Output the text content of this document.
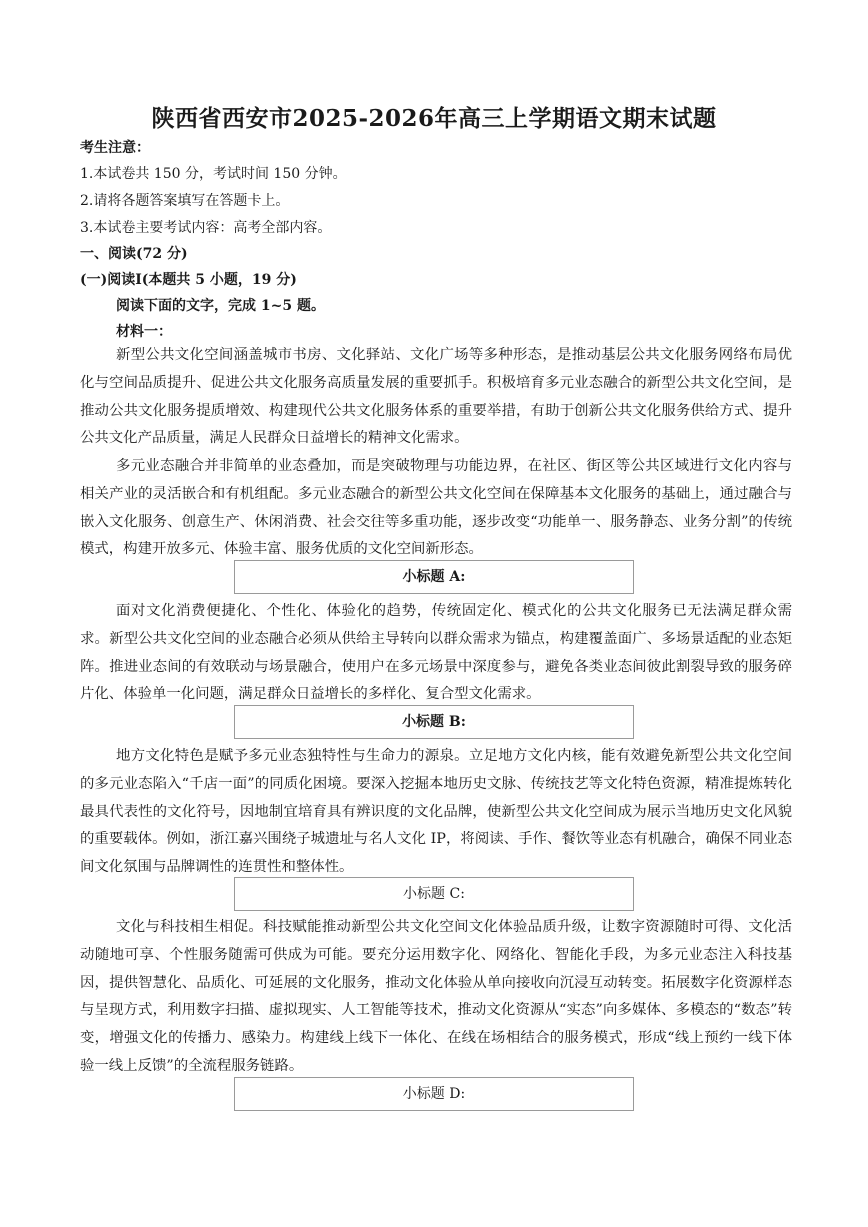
陕西省西安市2025-2026年高三上学期语文期末试题
考生注意：
1.本试卷共 150 分，考试时间 150 分钟。
2.请将各题答案填写在答题卡上。
3.本试卷主要考试内容：高考全部内容。
一、阅读(72 分)
(一)阅读Ⅰ(本题共 5 小题，19 分)
阅读下面的文字，完成 1~5 题。
材料一：
新型公共文化空间涵盖城市书房、文化驿站、文化广场等多种形态，是推动基层公共文化服务网络布局优化与空间品质提升、促进公共文化服务高质量发展的重要抓手。积极培育多元业态融合的新型公共文化空间，是推动公共文化服务提质增效、构建现代公共文化服务体系的重要举措，有助于创新公共文化服务供给方式、提升公共文化产品质量，满足人民群众日益增长的精神文化需求。
多元业态融合并非简单的业态叠加，而是突破物理与功能边界，在社区、街区等公共区域进行文化内容与相关产业的灵活嵌合和有机组配。多元业态融合的新型公共文化空间在保障基本文化服务的基础上，通过融合与嵌入文化服务、创意生产、休闲消费、社会交往等多重功能，逐步改变“功能单一、服务静态、业务分割”的传统模式，构建开放多元、体验丰富、服务优质的文化空间新形态。
小标题 A:
面对文化消费便捷化、个性化、体验化的趋势，传统固定化、模式化的公共文化服务已无法满足群众需求。新型公共文化空间的业态融合必须从供给主导转向以群众需求为锚点，构建覆盖面广、多场景适配的业态矩阵。推进业态间的有效联动与场景融合，使用户在多元场景中深度参与，避免各类业态间彼此割裂导致的服务碎片化、体验单一化问题，满足群众日益增长的多样化、复合型文化需求。
小标题 B:
地方文化特色是赋予多元业态独特性与生命力的源泉。立足地方文化内核，能有效避免新型公共文化空间的多元业态陷入“千店一面”的同质化困境。要深入挖掘本地历史文脉、传统技艺等文化特色资源，精准提炼转化最具代表性的文化符号，因地制宜培育具有辨识度的文化品牌，使新型公共文化空间成为展示当地历史文化风貌的重要载体。例如，浙江嘉兴围绕子城遗址与名人文化 IP，将阅读、手作、餐饮等业态有机融合，确保不同业态间文化氛围与品牌调性的连贯性和整体性。
小标题 C:
文化与科技相生相促。科技赋能推动新型公共文化空间文化体验品质升级，让数字资源随时可得、文化活动随地可享、个性服务随需可供成为可能。要充分运用数字化、网络化、智能化手段，为多元业态注入科技基因，提供智慧化、品质化、可延展的文化服务，推动文化体验从单向接收向沉浸互动转变。拓展数字化资源样态与呈现方式，利用数字扫描、虚拟现实、人工智能等技术，推动文化资源从“实态”向多媒体、多模态的“数态”转变，增强文化的传播力、感染力。构建线上线下一体化、在线在场相结合的服务模式，形成“线上预约一线下体验一线上反馈”的全流程服务链路。
小标题 D:
